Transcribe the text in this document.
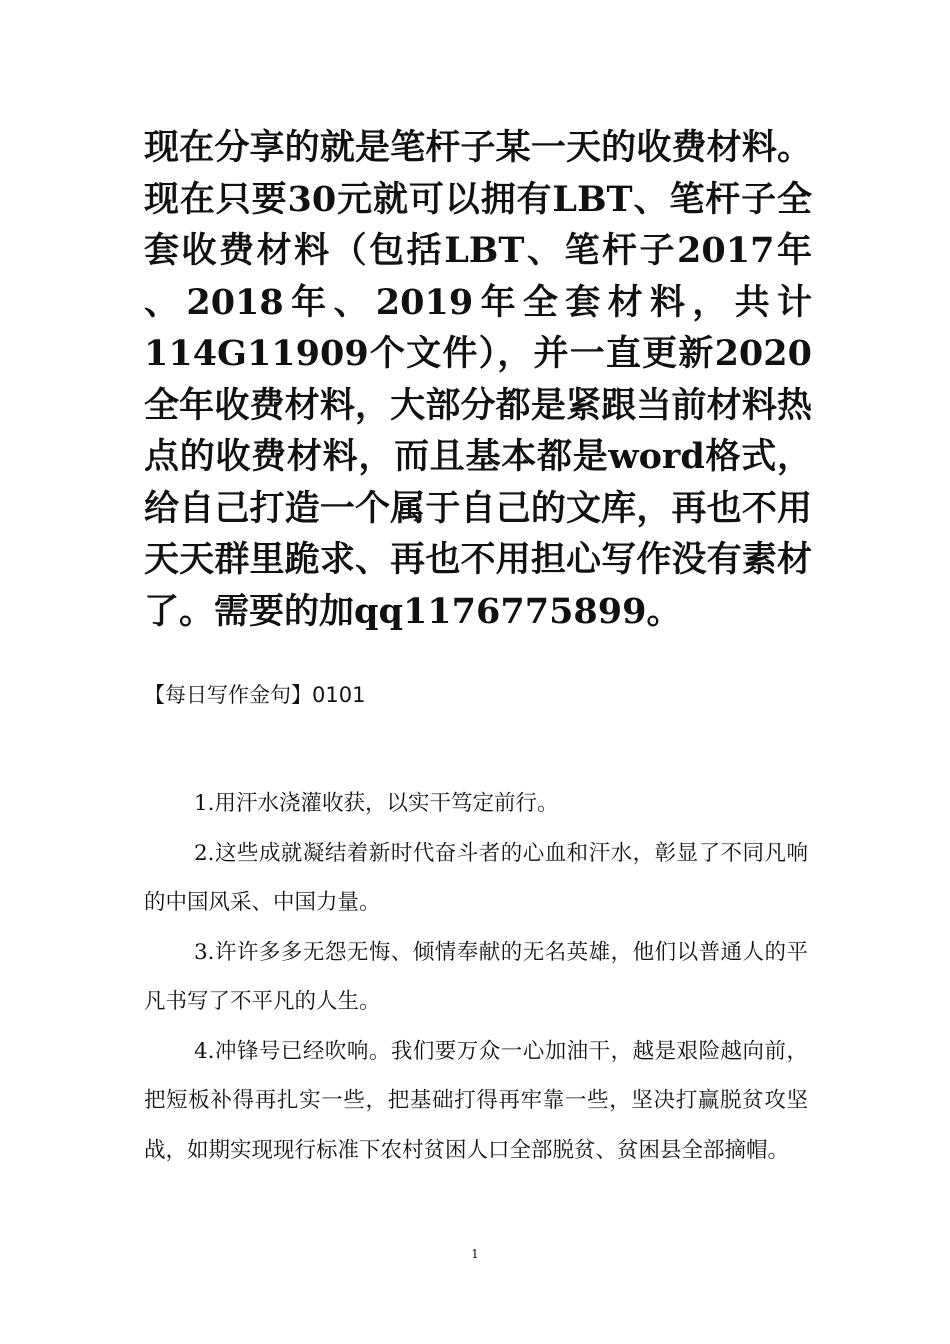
现在分享的就是笔杆子某一天的收费材料。现在只要30元就可以拥有LBT、笔杆子全套收费材料（包括LBT、笔杆子2017年 、2018年、2019年全套材料，共计114G11909个文件），并一直更新2020全年收费材料，大部分都是紧跟当前材料热点的收费材料，而且基本都是word格式，给自己打造一个属于自己的文库，再也不用天天群里跪求、再也不用担心写作没有素材了。需要的加qq1176775899。

【每日写作金句】0101

1.用汗水浇灌收获，以实干笃定前行。

2.这些成就凝结着新时代奋斗者的心血和汗水，彰显了不同凡响的中国风采、中国力量。

3.许许多多无怨无悔、倾情奉献的无名英雄，他们以普通人的平凡书写了不平凡的人生。

4.冲锋号已经吹响。我们要万众一心加油干，越是艰险越向前，把短板补得再扎实一些，把基础打得再牢靠一些，坚决打赢脱贫攻坚战，如期实现现行标准下农村贫困人口全部脱贫、贫困县全部摘帽。

1
